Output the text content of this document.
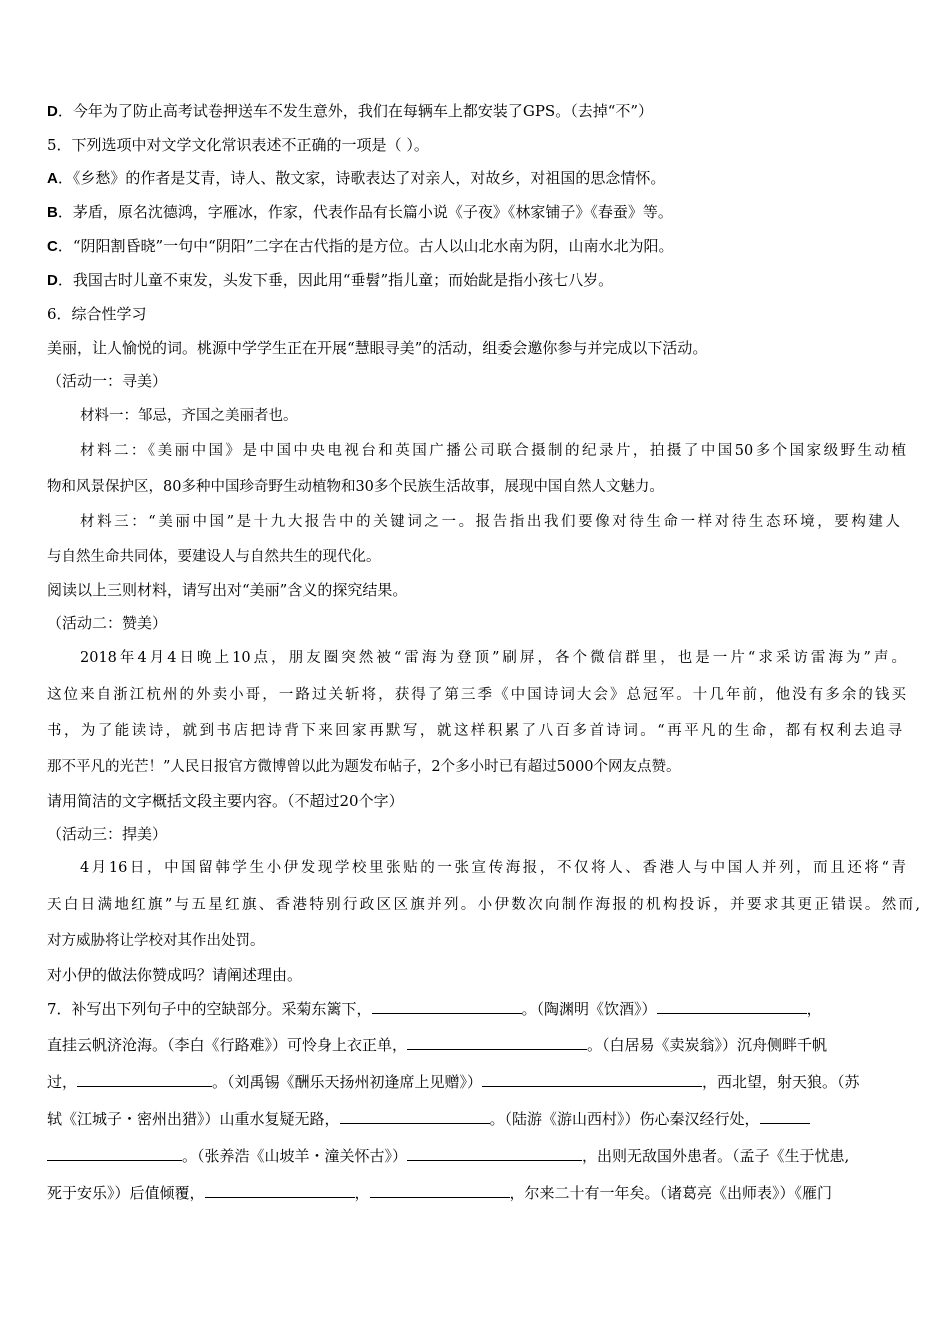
D．今年为了防止高考试卷押送车不发生意外，我们在每辆车上都安装了GPS。（去掉“不”）
5．下列选项中对文学文化常识表述不正确的一项是（ ）。
A．《乡愁》的作者是艾青，诗人、散文家，诗歌表达了对亲人，对故乡，对祖国的思念情怀。
B．茅盾，原名沈德鸿，字雁冰，作家，代表作品有长篇小说《子夜》《林家铺子》《春蚕》等。
C．“阴阳割昏晓”一句中“阴阳”二字在古代指的是方位。古人以山北水南为阴，山南水北为阳。
D．我国古时儿童不束发，头发下垂，因此用“垂髫”指儿童；而始龀是指小孩七八岁。
6．综合性学习
美丽，让人愉悦的词。桃源中学学生正在开展“慧眼寻美”的活动，组委会邀你参与并完成以下活动。
（活动一：寻美）
材料一：邹忌，齐国之美丽者也。
材料二：《美丽中国》是中国中央电视台和英国广播公司联合摄制的纪录片，拍摄了中国50多个国家级野生动植
物和风景保护区，80多种中国珍奇野生动植物和30多个民族生活故事，展现中国自然人文魅力。
材料三：“美丽中国”是十九大报告中的关键词之一。报告指出我们要像对待生命一样对待生态环境，要构建人
与自然生命共同体，要建设人与自然共生的现代化。
阅读以上三则材料，请写出对“美丽”含义的探究结果。
（活动二：赞美）
2018年4月4日晚上10点，朋友圈突然被“雷海为登顶”刷屏，各个微信群里，也是一片“求采访雷海为”声。
这位来自浙江杭州的外卖小哥，一路过关斩将，获得了第三季《中国诗词大会》总冠军。十几年前，他没有多余的钱买
书，为了能读诗，就到书店把诗背下来回家再默写，就这样积累了八百多首诗词。“再平凡的生命，都有权利去追寻
那不平凡的光芒！”人民日报官方微博曾以此为题发布帖子，2个多小时已有超过5000个网友点赞。
请用简洁的文字概括文段主要内容。（不超过20个字）
（活动三：捍美）
4月16日，中国留韩学生小伊发现学校里张贴的一张宣传海报，不仅将人、香港人与中国人并列，而且还将“青
天白日满地红旗”与五星红旗、香港特别行政区区旗并列。小伊数次向制作海报的机构投诉，并要求其更正错误。然而,
对方威胁将让学校对其作出处罚。
对小伊的做法你赞成吗？请阐述理由。
7．补写出下列句子中的空缺部分。采菊东篱下，	。（陶渊明《饮酒》）	，
直挂云帆济沧海。（李白《行路难》）可怜身上衣正单，	。（白居易《卖炭翁》）沉舟侧畔千帆
过，	。（刘禹锡《酬乐天扬州初逢席上见赠》）	，西北望，射天狼。（苏
轼《江城子・密州出猎》）山重水复疑无路，	。（陆游《游山西村》）伤心秦汉经行处，
。（张养浩《山坡羊・潼关怀古》）	，出则无敌国外患者。（孟子《生于忧患,
死于安乐》）后值倾覆，	，	，尔来二十有一年矣。（诸葛亮《出师表》）《雁门
